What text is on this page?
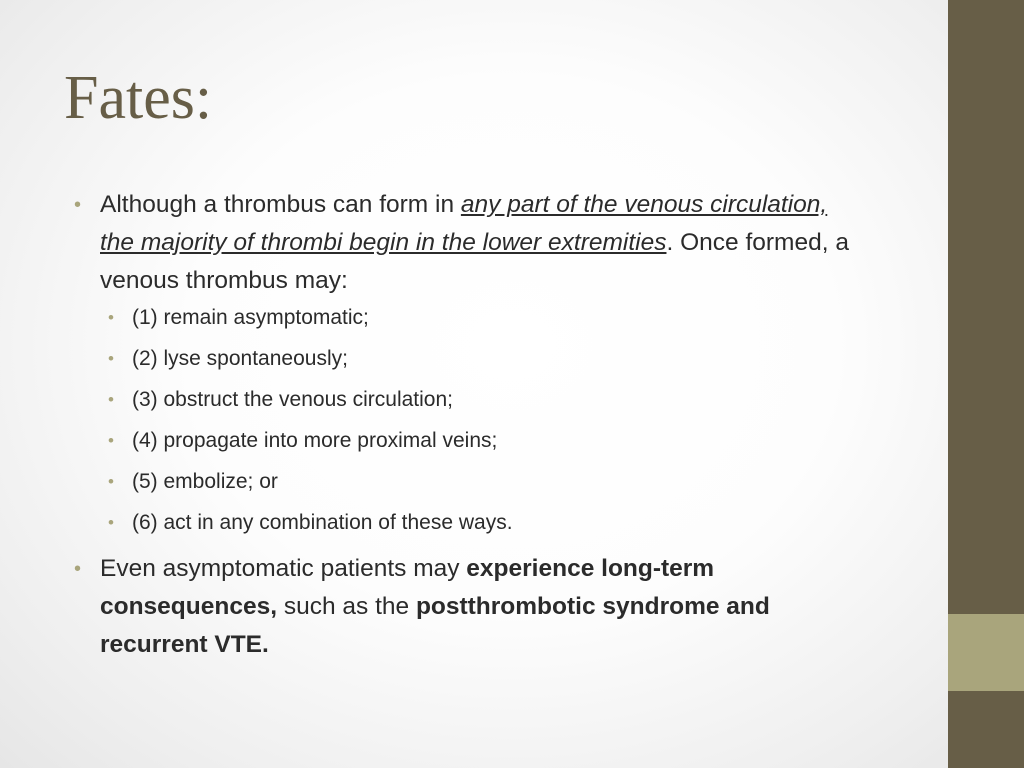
Fates:
• Although a thrombus can form in any part of the venous circulation, the majority of thrombi begin in the lower extremities. Once formed, a venous thrombus may:
• (1) remain asymptomatic;
• (2) lyse spontaneously;
• (3) obstruct the venous circulation;
• (4) propagate into more proximal veins;
• (5) embolize; or
• (6) act in any combination of these ways.
• Even asymptomatic patients may experience long-term consequences, such as the postthrombotic syndrome and recurrent VTE.
